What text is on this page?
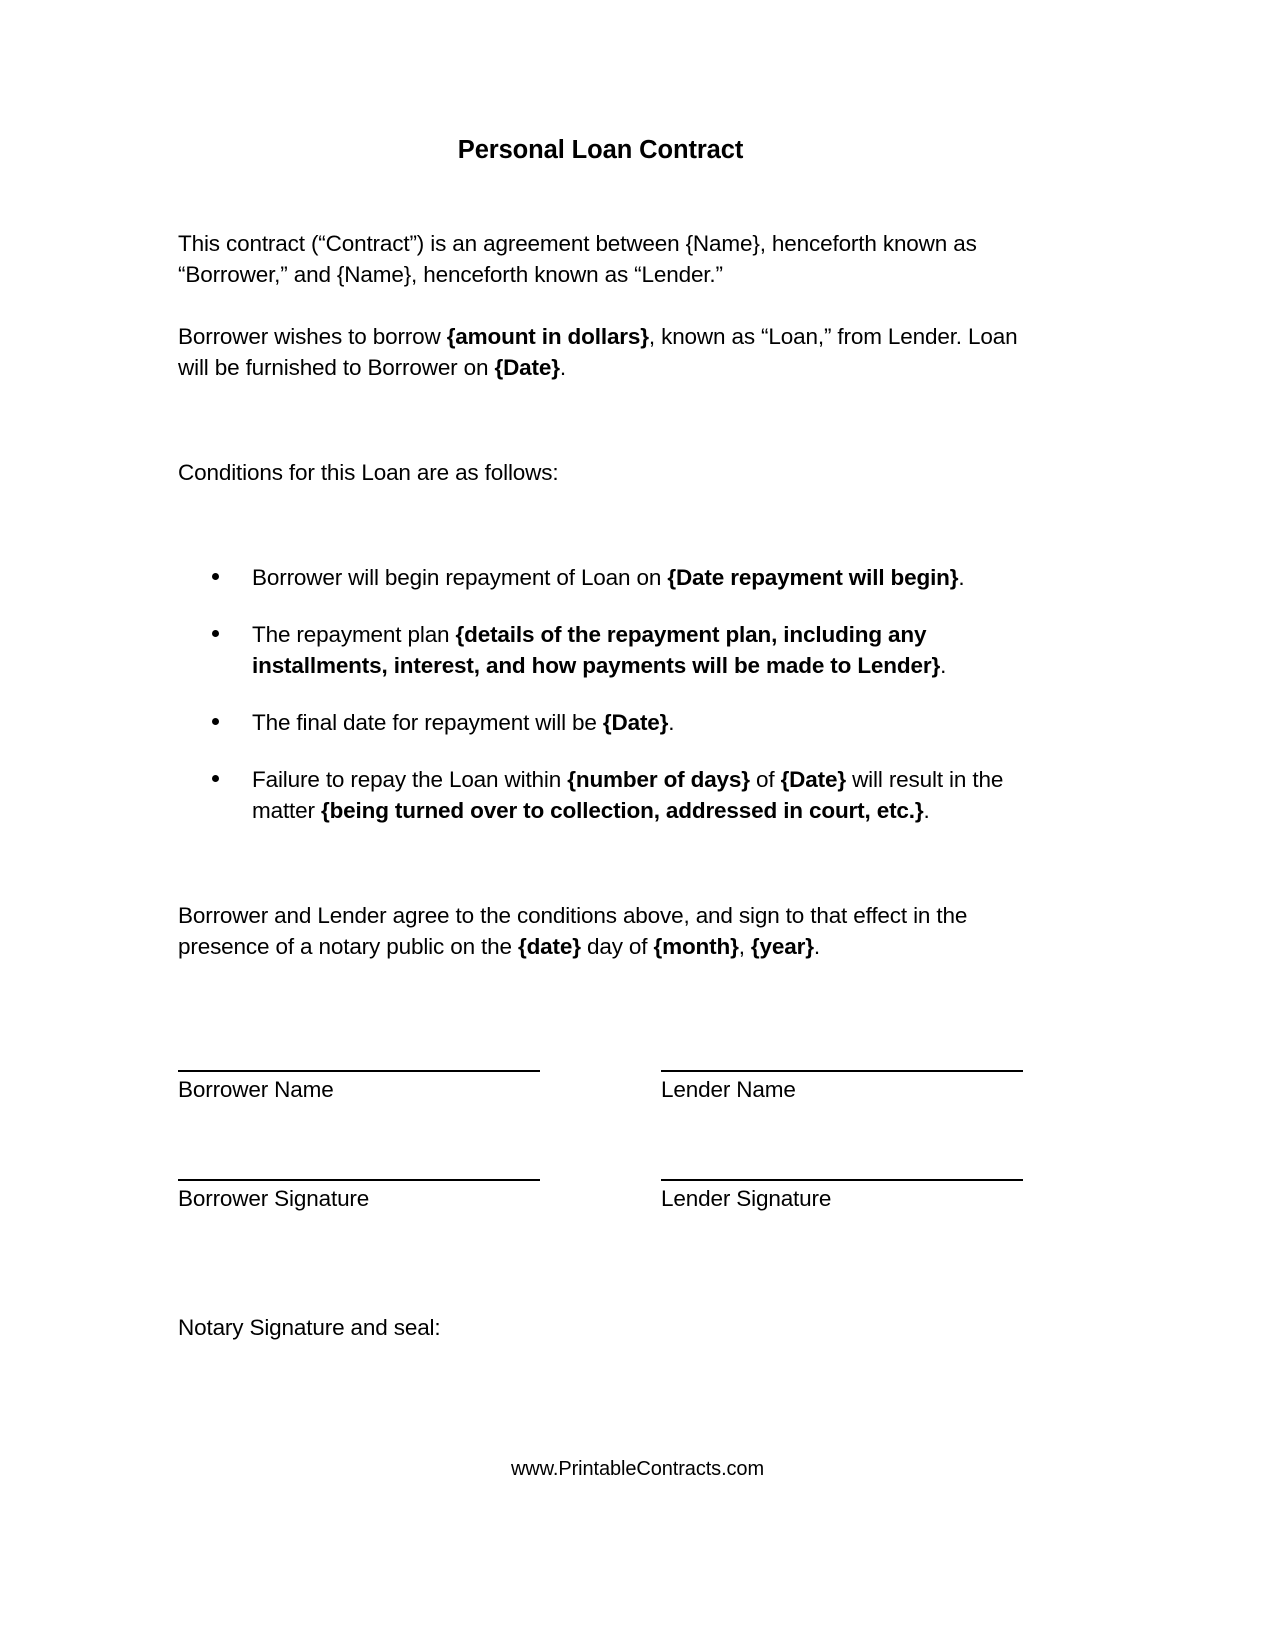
Personal Loan Contract

This contract (“Contract”) is an agreement between {Name}, henceforth known as “Borrower,” and {Name}, henceforth known as “Lender.”

Borrower wishes to borrow {amount in dollars}, known as “Loan,” from Lender. Loan will be furnished to Borrower on {Date}.

Conditions for this Loan are as follows:

Borrower will begin repayment of Loan on {Date repayment will begin}.
The repayment plan {details of the repayment plan, including any installments, interest, and how payments will be made to Lender}.
The final date for repayment will be {Date}.
Failure to repay the Loan within {number of days} of {Date} will result in the matter {being turned over to collection, addressed in court, etc.}.

Borrower and Lender agree to the conditions above, and sign to that effect in the presence of a notary public on the {date} day of {month}, {year}.

Borrower Name	Lender Name
Borrower Signature	Lender Signature

Notary Signature and seal:

www.PrintableContracts.com
